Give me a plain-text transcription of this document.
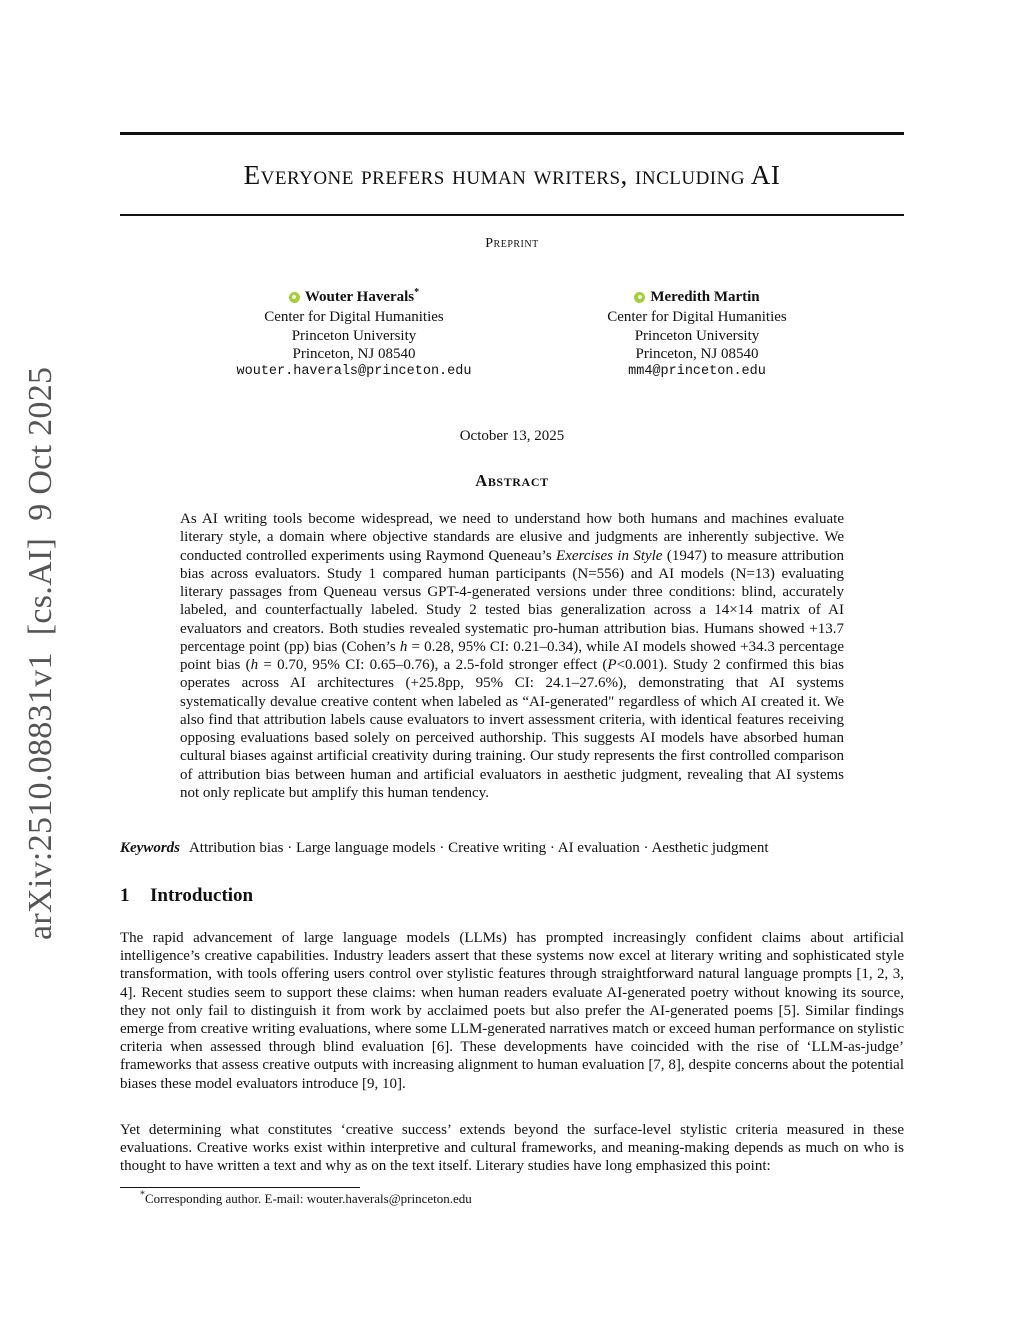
Everyone prefers human writers, including AI
Preprint
Wouter Haverals*
Center for Digital Humanities
Princeton University
Princeton, NJ 08540
wouter.haverals@princeton.edu
Meredith Martin
Center for Digital Humanities
Princeton University
Princeton, NJ 08540
mm4@princeton.edu
October 13, 2025
Abstract

As AI writing tools become widespread, we need to understand how both humans and machines evaluate literary style, a domain where objective standards are elusive and judgments are inherently subjective. We conducted controlled experiments using Raymond Queneau’s Exercises in Style (1947) to measure attribution bias across evaluators. Study 1 compared human participants (N=556) and AI models (N=13) evaluating literary passages from Queneau versus GPT-4-generated versions under three conditions: blind, accurately labeled, and counterfactually labeled. Study 2 tested bias generalization across a 14×14 matrix of AI evaluators and creators. Both studies revealed systematic pro-human attribution bias. Humans showed +13.7 percentage point (pp) bias (Cohen’s h = 0.28, 95% CI: 0.21–0.34), while AI models showed +34.3 percentage point bias (h = 0.70, 95% CI: 0.65–0.76), a 2.5-fold stronger effect (P<0.001). Study 2 confirmed this bias operates across AI architectures (+25.8pp, 95% CI: 24.1–27.6%), demonstrating that AI systems systematically devalue creative content when labeled as “AI-generated" regardless of which AI created it. We also find that attribution labels cause evaluators to invert assessment criteria, with identical features receiving opposing evaluations based solely on perceived authorship. This suggests AI models have absorbed human cultural biases against artificial creativity during training. Our study represents the first controlled comparison of attribution bias between human and artificial evaluators in aesthetic judgment, revealing that AI systems not only replicate but amplify this human tendency.

Keywords Attribution bias · Large language models · Creative writing · AI evaluation · Aesthetic judgment
1 Introduction

The rapid advancement of large language models (LLMs) has prompted increasingly confident claims about artificial intelligence’s creative capabilities. Industry leaders assert that these systems now excel at literary writing and sophisticated style transformation, with tools offering users control over stylistic features through straightforward natural language prompts [1, 2, 3, 4]. Recent studies seem to support these claims: when human readers evaluate AI-generated poetry without knowing its source, they not only fail to distinguish it from work by acclaimed poets but also prefer the AI-generated poems [5]. Similar findings emerge from creative writing evaluations, where some LLM-generated narratives match or exceed human performance on stylistic criteria when assessed through blind evaluation [6]. These developments have coincided with the rise of ‘LLM-as-judge’ frameworks that assess creative outputs with increasing alignment to human evaluation [7, 8], despite concerns about the potential biases these model evaluators introduce [9, 10].

Yet determining what constitutes ‘creative success’ extends beyond the surface-level stylistic criteria measured in these evaluations. Creative works exist within interpretive and cultural frameworks, and meaning-making depends as much on who is thought to have written a text and why as on the text itself. Literary studies have long emphasized this point:

*Corresponding author. E-mail: wouter.haverals@princeton.edu
arXiv:2510.08831v1[cs.AI]9 Oct 2025
